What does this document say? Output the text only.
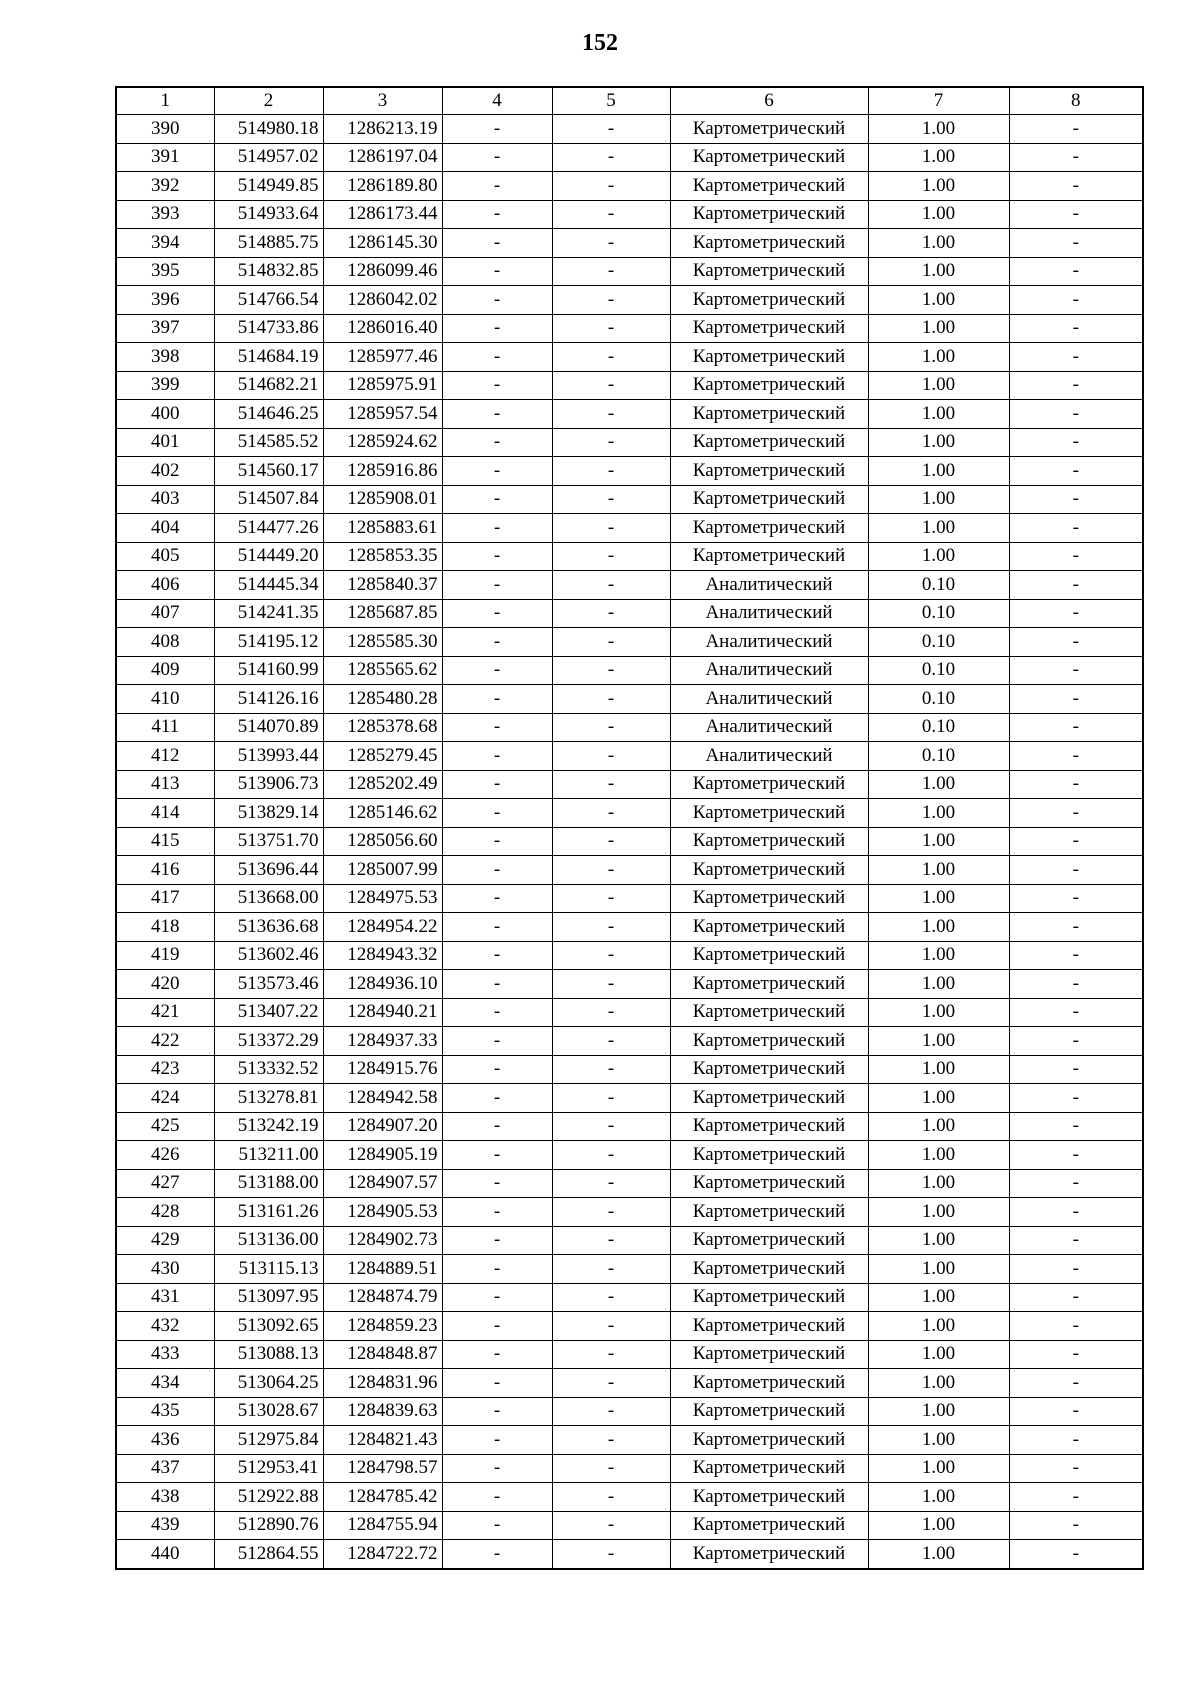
152
1	2	3	4	5	6	7	8
390	514980.18	1286213.19	-	-	Картометрический	1.00	-
391	514957.02	1286197.04	-	-	Картометрический	1.00	-
392	514949.85	1286189.80	-	-	Картометрический	1.00	-
393	514933.64	1286173.44	-	-	Картометрический	1.00	-
394	514885.75	1286145.30	-	-	Картометрический	1.00	-
395	514832.85	1286099.46	-	-	Картометрический	1.00	-
396	514766.54	1286042.02	-	-	Картометрический	1.00	-
397	514733.86	1286016.40	-	-	Картометрический	1.00	-
398	514684.19	1285977.46	-	-	Картометрический	1.00	-
399	514682.21	1285975.91	-	-	Картометрический	1.00	-
400	514646.25	1285957.54	-	-	Картометрический	1.00	-
401	514585.52	1285924.62	-	-	Картометрический	1.00	-
402	514560.17	1285916.86	-	-	Картометрический	1.00	-
403	514507.84	1285908.01	-	-	Картометрический	1.00	-
404	514477.26	1285883.61	-	-	Картометрический	1.00	-
405	514449.20	1285853.35	-	-	Картометрический	1.00	-
406	514445.34	1285840.37	-	-	Аналитический	0.10	-
407	514241.35	1285687.85	-	-	Аналитический	0.10	-
408	514195.12	1285585.30	-	-	Аналитический	0.10	-
409	514160.99	1285565.62	-	-	Аналитический	0.10	-
410	514126.16	1285480.28	-	-	Аналитический	0.10	-
411	514070.89	1285378.68	-	-	Аналитический	0.10	-
412	513993.44	1285279.45	-	-	Аналитический	0.10	-
413	513906.73	1285202.49	-	-	Картометрический	1.00	-
414	513829.14	1285146.62	-	-	Картометрический	1.00	-
415	513751.70	1285056.60	-	-	Картометрический	1.00	-
416	513696.44	1285007.99	-	-	Картометрический	1.00	-
417	513668.00	1284975.53	-	-	Картометрический	1.00	-
418	513636.68	1284954.22	-	-	Картометрический	1.00	-
419	513602.46	1284943.32	-	-	Картометрический	1.00	-
420	513573.46	1284936.10	-	-	Картометрический	1.00	-
421	513407.22	1284940.21	-	-	Картометрический	1.00	-
422	513372.29	1284937.33	-	-	Картометрический	1.00	-
423	513332.52	1284915.76	-	-	Картометрический	1.00	-
424	513278.81	1284942.58	-	-	Картометрический	1.00	-
425	513242.19	1284907.20	-	-	Картометрический	1.00	-
426	513211.00	1284905.19	-	-	Картометрический	1.00	-
427	513188.00	1284907.57	-	-	Картометрический	1.00	-
428	513161.26	1284905.53	-	-	Картометрический	1.00	-
429	513136.00	1284902.73	-	-	Картометрический	1.00	-
430	513115.13	1284889.51	-	-	Картометрический	1.00	-
431	513097.95	1284874.79	-	-	Картометрический	1.00	-
432	513092.65	1284859.23	-	-	Картометрический	1.00	-
433	513088.13	1284848.87	-	-	Картометрический	1.00	-
434	513064.25	1284831.96	-	-	Картометрический	1.00	-
435	513028.67	1284839.63	-	-	Картометрический	1.00	-
436	512975.84	1284821.43	-	-	Картометрический	1.00	-
437	512953.41	1284798.57	-	-	Картометрический	1.00	-
438	512922.88	1284785.42	-	-	Картометрический	1.00	-
439	512890.76	1284755.94	-	-	Картометрический	1.00	-
440	512864.55	1284722.72	-	-	Картометрический	1.00	-
